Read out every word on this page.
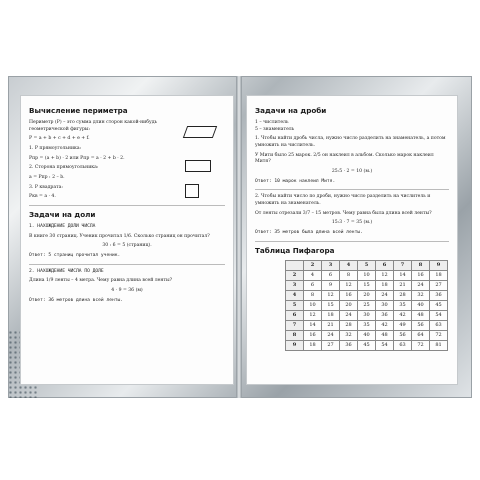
Вычисление периметра

Периметр (Р) – это сумма длин сторон какой-нибудь геометрической фигуры:

P = a + b + c + d + e + f.

1. P прямоугольника:

Pпр = (a + b) · 2 или Pпр = a · 2 + b · 2.

2. Сторона прямоугольника:

a = Pпр : 2 – b.

3. P квадрата:

Pкв = a · 4.

Задачи на доли

1. НАХОЖДЕНИЕ ДОЛИ ЧИСЛА

В книге 30 страниц. Ученик прочитал 1/6. Сколько страниц он прочитал?

30 : 6 = 5 (страниц).

Ответ: 5 страниц прочитал ученик.

2. НАХОЖДЕНИЕ ЧИСЛА ПО ДОЛЕ

Длина 1/9 ленты – 4 метра. Чему равна длина всей ленты?

4 · 9 = 36 (м)

Ответ: 36 метров длина всей ленты.

Задачи на дроби

1 – числитель

5 – знаменатель

1. Чтобы найти дробь числа, нужно число разделить на знаменатель, а потом умножить на числитель.

У Мити было 25 марок. 2/5 он наклеил в альбом. Сколько марок наклеил Митя?

25:5 · 2 = 10 (м.)

Ответ: 10 марок наклеил Митя.

2. Чтобы найти число по дроби, нужно число разделить на числитель и умножить на знаменатель.

От ленты отрезали 3/7 – 15 метров. Чему равна была длина всей ленты?

15:3 · 7 = 35 (м.)

Ответ: 35 метров была длина всей ленты.

Таблица Пифагора
	2	3	4	5	6	7	8	9
2	4	6	8	10	12	14	16	18
3	6	9	12	15	18	21	24	27
4	8	12	16	20	24	28	32	36
5	10	15	20	25	30	35	40	45
6	12	18	24	30	36	42	48	54
7	14	21	28	35	42	49	56	63
8	16	24	32	40	48	56	64	72
9	18	27	36	45	54	63	72	81
